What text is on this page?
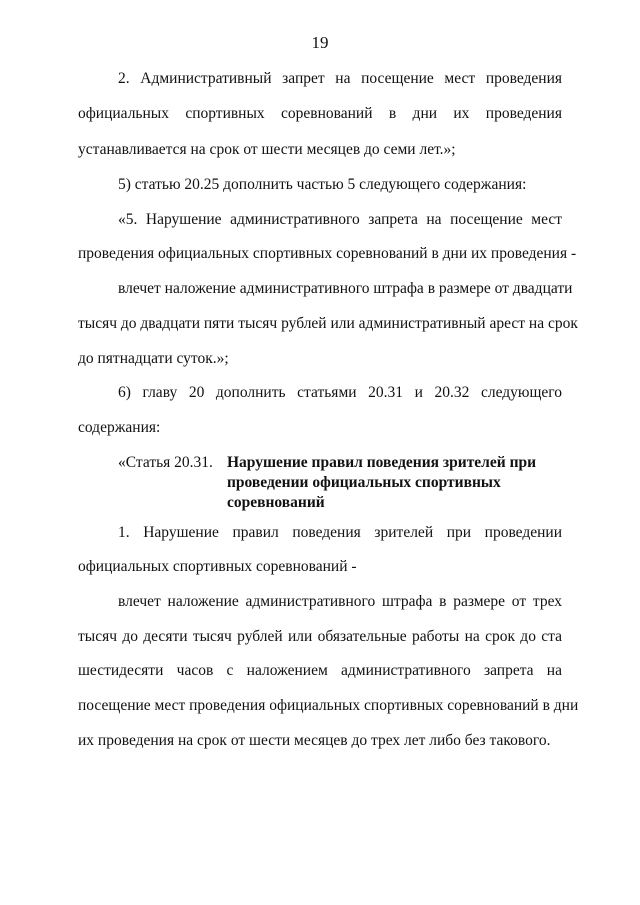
19
2. Административный запрет на посещение мест проведения
официальных спортивных соревнований в дни их проведения
устанавливается на срок от шести месяцев до семи лет.»;
5) статью 20.25 дополнить частью 5 следующего содержания:
«5. Нарушение административного запрета на посещение мест
проведения официальных спортивных соревнований в дни их проведения -
влечет наложение административного штрафа в размере от двадцати
тысяч до двадцати пяти тысяч рублей или административный арест на срок
до пятнадцати суток.»;
6) главу 20 дополнить статьями 20.31 и 20.32 следующего
содержания:
«Статья 20.31. Нарушение правил поведения зрителей при
проведении официальных спортивных
соревнований
1. Нарушение правил поведения зрителей при проведении
официальных спортивных соревнований -
влечет наложение административного штрафа в размере от трех
тысяч до десяти тысяч рублей или обязательные работы на срок до ста
шестидесяти часов с наложением административного запрета на
посещение мест проведения официальных спортивных соревнований в дни
их проведения на срок от шести месяцев до трех лет либо без такового.
